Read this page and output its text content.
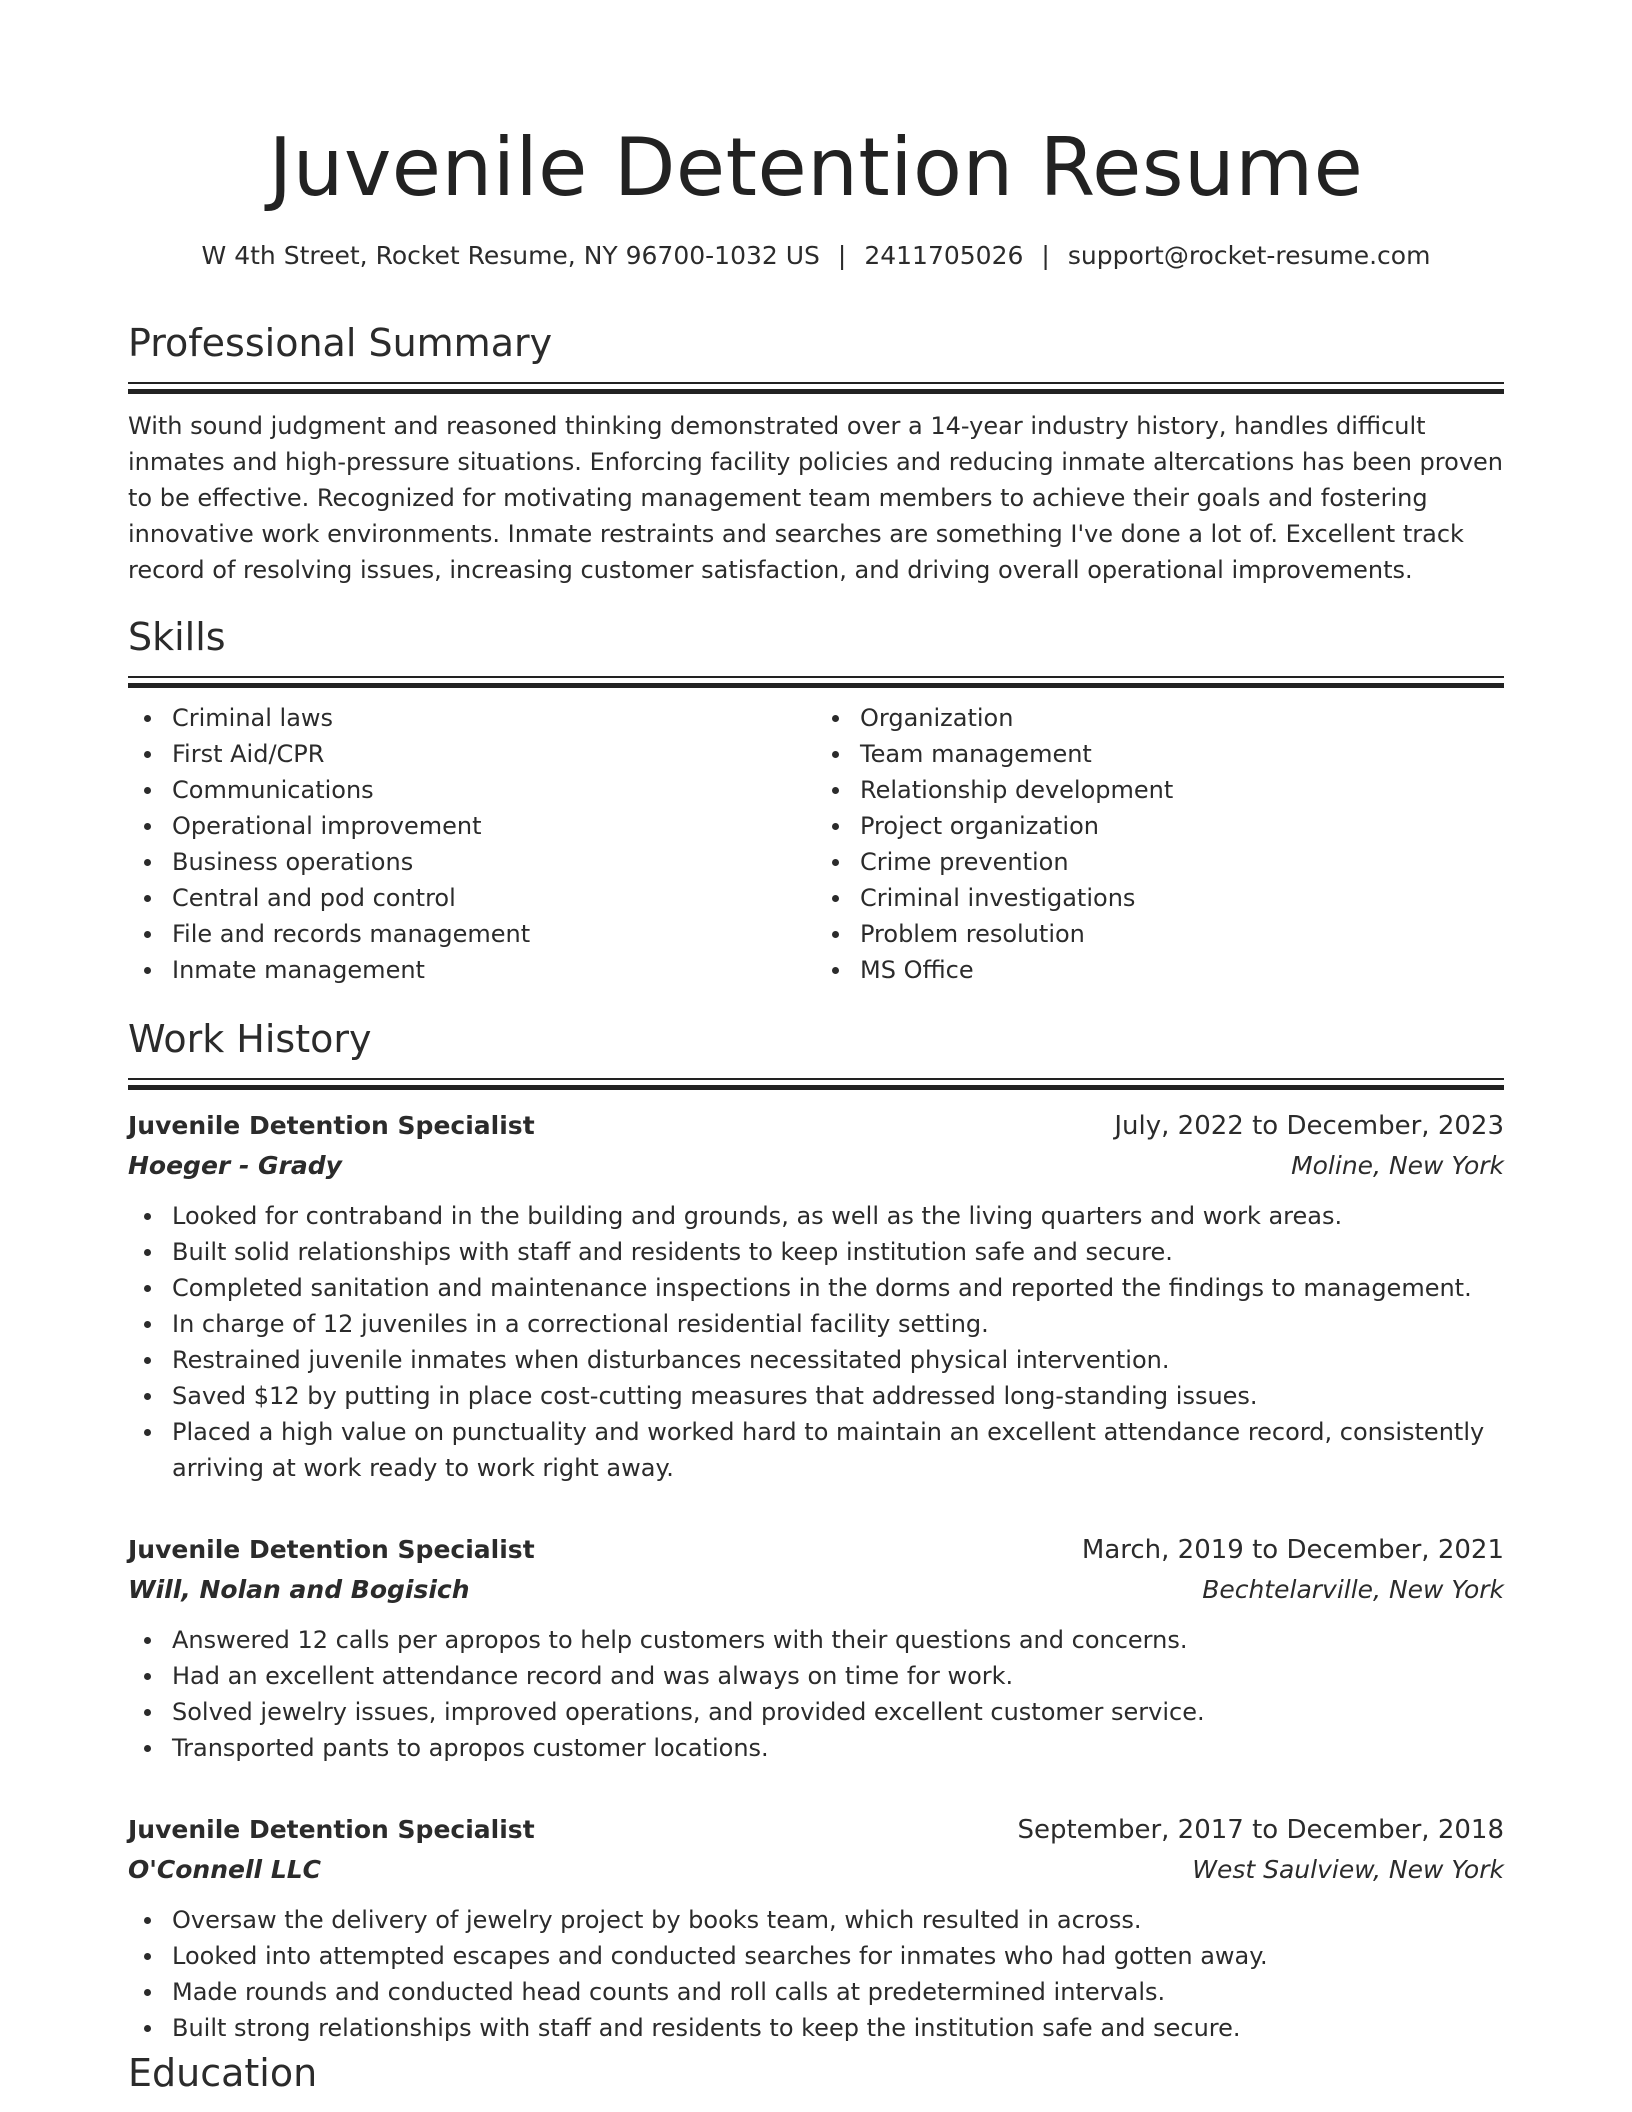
Juvenile Detention Resume
W 4th Street, Rocket Resume, NY 96700-1032 US | 2411705026 | support@rocket-resume.com
Professional Summary
With sound judgment and reasoned thinking demonstrated over a 14-year industry history, handles difficult inmates and high-pressure situations. Enforcing facility policies and reducing inmate altercations has been proven to be effective. Recognized for motivating management team members to achieve their goals and fostering innovative work environments. Inmate restraints and searches are something I've done a lot of. Excellent track record of resolving issues, increasing customer satisfaction, and driving overall operational improvements.
Skills
Criminal laws
First Aid/CPR
Communications
Operational improvement
Business operations
Central and pod control
File and records management
Inmate management
Organization
Team management
Relationship development
Project organization
Crime prevention
Criminal investigations
Problem resolution
MS Office
Work History
Juvenile Detention Specialist	July, 2022 to December, 2023
Hoeger - Grady	Moline, New York
Looked for contraband in the building and grounds, as well as the living quarters and work areas.
Built solid relationships with staff and residents to keep institution safe and secure.
Completed sanitation and maintenance inspections in the dorms and reported the findings to management.
In charge of 12 juveniles in a correctional residential facility setting.
Restrained juvenile inmates when disturbances necessitated physical intervention.
Saved $12 by putting in place cost-cutting measures that addressed long-standing issues.
Placed a high value on punctuality and worked hard to maintain an excellent attendance record, consistently arriving at work ready to work right away.
Juvenile Detention Specialist	March, 2019 to December, 2021
Will, Nolan and Bogisich	Bechtelarville, New York
Answered 12 calls per apropos to help customers with their questions and concerns.
Had an excellent attendance record and was always on time for work.
Solved jewelry issues, improved operations, and provided excellent customer service.
Transported pants to apropos customer locations.
Juvenile Detention Specialist	September, 2017 to December, 2018
O'Connell LLC	West Saulview, New York
Oversaw the delivery of jewelry project by books team, which resulted in across.
Looked into attempted escapes and conducted searches for inmates who had gotten away.
Made rounds and conducted head counts and roll calls at predetermined intervals.
Built strong relationships with staff and residents to keep the institution safe and secure.
Education
